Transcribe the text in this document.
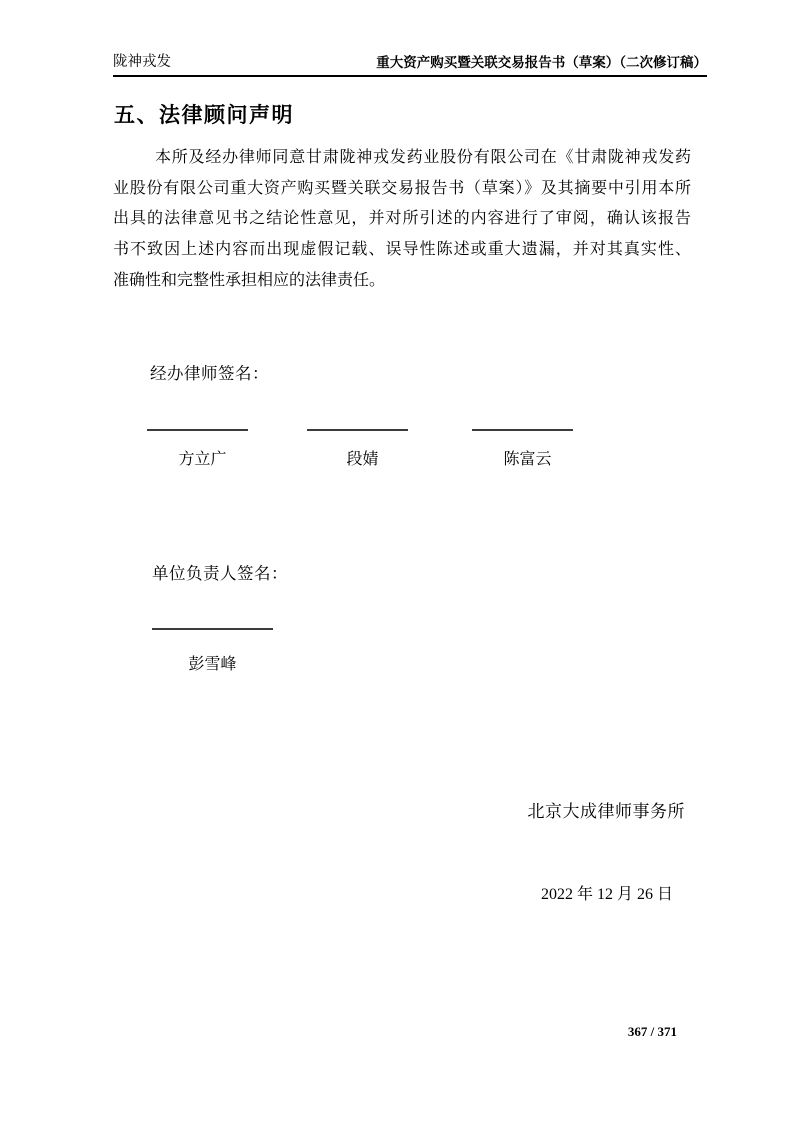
陇神戎发	重大资产购买暨关联交易报告书（草案）（二次修订稿）
五、法律顾问声明
本所及经办律师同意甘肃陇神戎发药业股份有限公司在《甘肃陇神戎发药
业股份有限公司重大资产购买暨关联交易报告书（草案）》及其摘要中引用本所
出具的法律意见书之结论性意见，并对所引述的内容进行了审阅，确认该报告
书不致因上述内容而出现虚假记载、误导性陈述或重大遗漏，并对其真实性、
准确性和完整性承担相应的法律责任。
经办律师签名：
方立广	段婧	陈富云
单位负责人签名：
彭雪峰
北京大成律师事务所
2022 年 12 月 26 日
367 / 371
